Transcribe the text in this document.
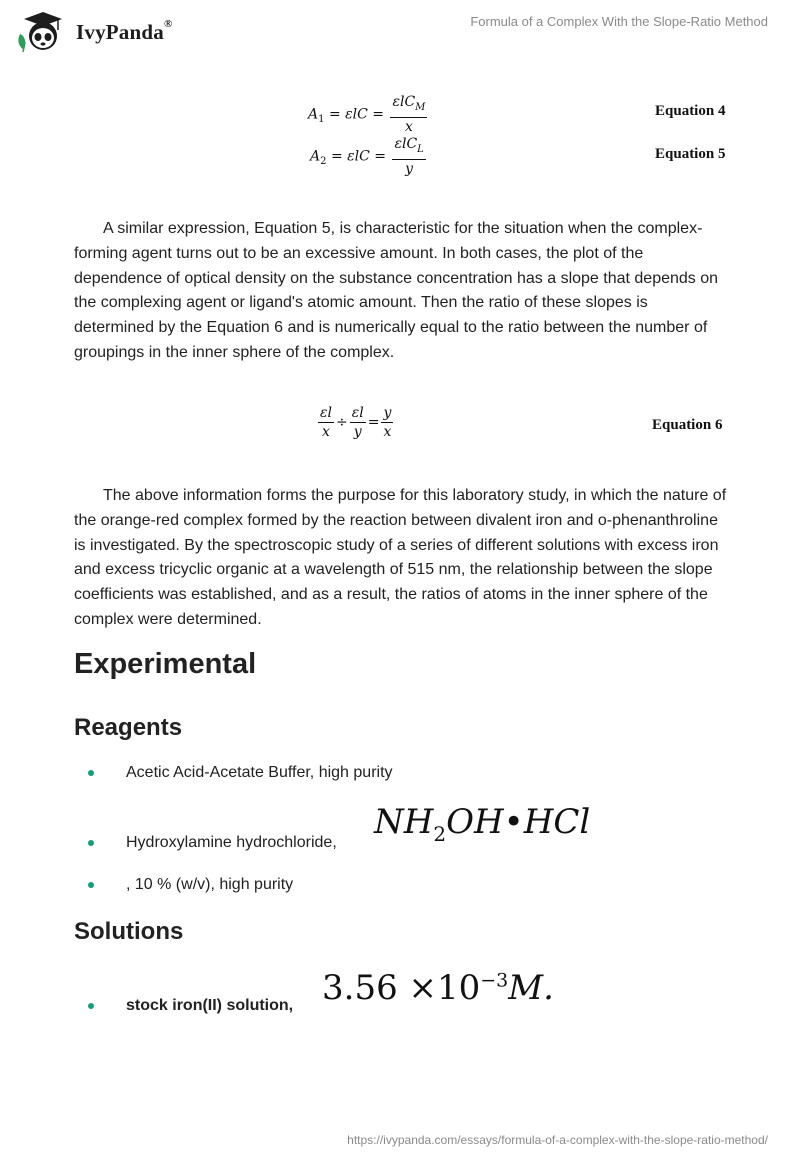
IvyPanda®	Formula of a Complex With the Slope-Ratio Method
$A_1 = \varepsilon lC = \frac{\varepsilon lC_M}{x}$	Equation 4
$A_2 = \varepsilon lC = \frac{\varepsilon lC_L}{y}$	Equation 5

A similar expression, Equation 5, is characteristic for the situation when the complex-forming agent turns out to be an excessive amount. In both cases, the plot of the dependence of optical density on the substance concentration has a slope that depends on the complexing agent or ligand's atomic amount. Then the ratio of these slopes is determined by the Equation 6 and is numerically equal to the ratio between the number of groupings in the inner sphere of the complex.

$\frac{\varepsilon l}{x} \div \frac{\varepsilon l}{y} = \frac{y}{x}$	Equation 6

The above information forms the purpose for this laboratory study, in which the nature of the orange-red complex formed by the reaction between divalent iron and o-phenanthroline is investigated. By the spectroscopic study of a series of different solutions with excess iron and excess tricyclic organic at a wavelength of 515 nm, the relationship between the slope coefficients was established, and as a result, the ratios of atoms in the inner sphere of the complex were determined.

Experimental
Reagents
Acetic Acid-Acetate Buffer, high purity
$NH_2OH•HCl$
Hydroxylamine hydrochloride,
, 10 % (w/v), high purity
Solutions
$3.56 \times 10^{-3}M$.
stock iron(II) solution,
https://ivypanda.com/essays/formula-of-a-complex-with-the-slope-ratio-method/
